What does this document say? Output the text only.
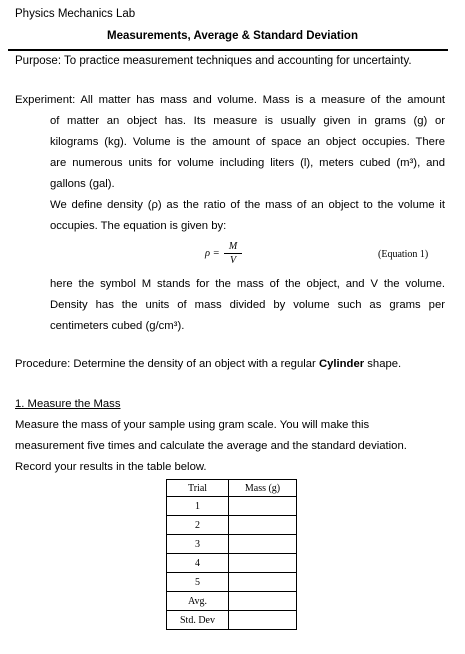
Physics Mechanics Lab
Measurements, Average & Standard Deviation
Purpose: To practice measurement techniques and accounting for uncertainty.
Experiment: All matter has mass and volume. Mass is a measure of the amount
of matter an object has. Its measure is usually given in grams (g) or
kilograms (kg). Volume is the amount of space an object occupies. There
are numerous units for volume including liters (l), meters cubed (m³), and
gallons (gal).
We define density (ρ) as the ratio of the mass of an object to the volume it
occupies. The equation is given by:
ρ =
M
V
(Equation 1)
here the symbol M stands for the mass of the object, and V the volume.
Density has the units of mass divided by volume such as grams per
centimeters cubed (g/cm³).
Procedure: Determine the density of an object with a regular Cylinder shape.
1. Measure the Mass
Measure the mass of your sample using gram scale. You will make this
measurement five times and calculate the average and the standard deviation.
Record your results in the table below.
Trial	Mass (g)
1	
2	
3	
4	
5	
Avg.	
Std. Dev	
